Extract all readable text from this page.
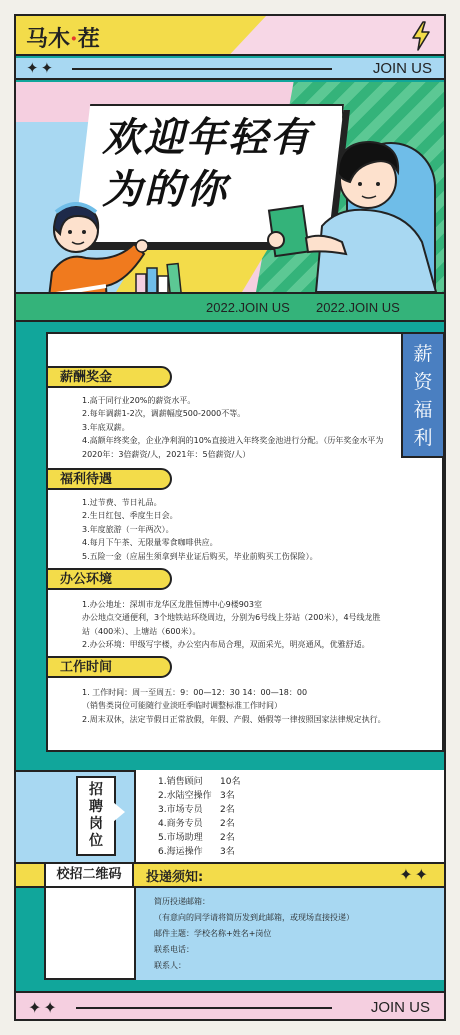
马木·茬
✦✦	JOIN US
欢迎年轻有
为的你
2022.JOIN US 2022.JOIN US
薪
资
福
利
薪酬奖金
1.高于同行业20%的薪资水平。
2.每年调薪1-2次，调薪幅度500-2000不等。
3.年底双薪。
4.高额年终奖金，企业净利润的10%直接进入年终奖金池进行分配。（历年奖金水平为
2020年：3倍薪资/人，2021年：5倍薪资/人）
福利待遇
1.过节费、节日礼品。
2.生日红包、季度生日会。
3.年度旅游（一年两次）。
4.每月下午茶、无限量零食咖啡供应。
5.五险一金（应届生须拿到毕业证后购买，毕业前购买工伤保险）。
办公环境
1.办公地址：深圳市龙华区龙胜恒博中心9楼903室
办公地点交通便利，3个地铁站环绕周边，分别为6号线上芬站（200米），4号线龙胜
站（400米）、上塘站（600米）。
2.办公环境：甲级写字楼，办公室内布局合理，双面采光，明亮通风，优雅舒适。
工作时间
1. 工作时间：周一至周五：9：00—12：30 14：00—18：00
（销售类岗位可能随行业淡旺季临时调整标准工作时间）
2.周末双休，法定节假日正常放假，年假、产假、婚假等一律按照国家法律规定执行。
1.销售顾问 10名
2.水陆空操作 3名
3.市场专员 2名
4.商务专员 2名
5.市场助理 2名
6.海运操作 3名
招
聘
岗
位
校招二维码	投递须知:	✦✦
简历投递邮箱：
（有意向的同学请将简历发到此邮箱，或现场直接投递）
邮件主题：学校名称+姓名+岗位
联系电话：
联系人：
✦✦	JOIN US
